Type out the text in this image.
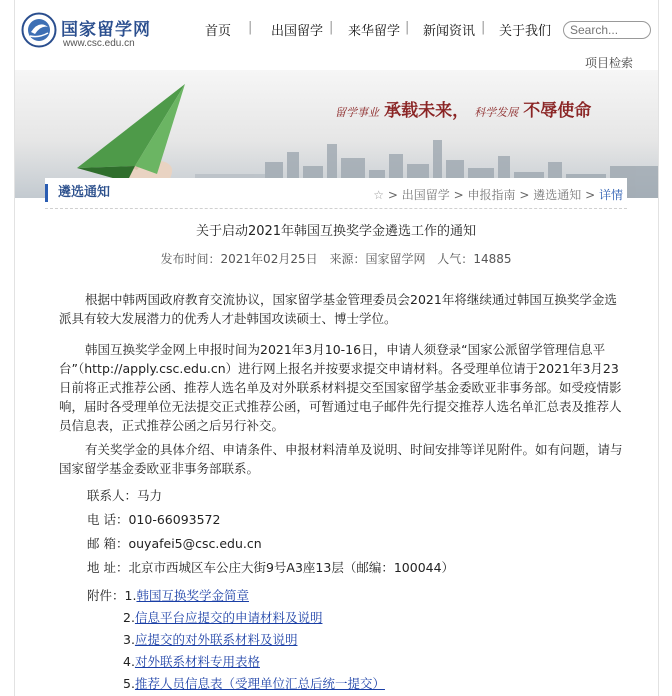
国家留学网
www.csc.edu.cn
首页 | 出国留学 | 来华留学 | 新闻资讯 | 关于我们
Search...
项目检索
留学事业 承载未来， 科学发展 不辱使命
遴选通知	☆ > 出国留学 > 申报指南 > 遴选通知 > 详情
关于启动2021年韩国互换奖学金遴选工作的通知
发布时间：2021年02月25日 来源：国家留学网 人气：14885
根据中韩两国政府教育交流协议，国家留学基金管理委员会2021年将继续通过韩国互换奖学金选派具有较大发展潜力的优秀人才赴韩国攻读硕士、博士学位。
韩国互换奖学金网上申报时间为2021年3月10-16日，申请人须登录“国家公派留学管理信息平台”（http://apply.csc.edu.cn）进行网上报名并按要求提交申请材料。各受理单位请于2021年3月23日前将正式推荐公函、推荐人选名单及对外联系材料提交至国家留学基金委欧亚非事务部。如受疫情影响，届时各受理单位无法提交正式推荐公函，可暂通过电子邮件先行提交推荐人选名单汇总表及推荐人员信息表，正式推荐公函之后另行补交。
有关奖学金的具体介绍、申请条件、申报材料清单及说明、时间安排等详见附件。如有问题，请与国家留学基金委欧亚非事务部联系。
联系人：马力
电 话：010-66093572
邮 箱：ouyafei5@csc.edu.cn
地 址：北京市西城区车公庄大街9号A3座13层（邮编：100044）
附件：1.韩国互换奖学金简章
2.信息平台应提交的申请材料及说明
3.应提交的对外联系材料及说明
4.对外联系材料专用表格
5.推荐人员信息表（受理单位汇总后统一提交）
